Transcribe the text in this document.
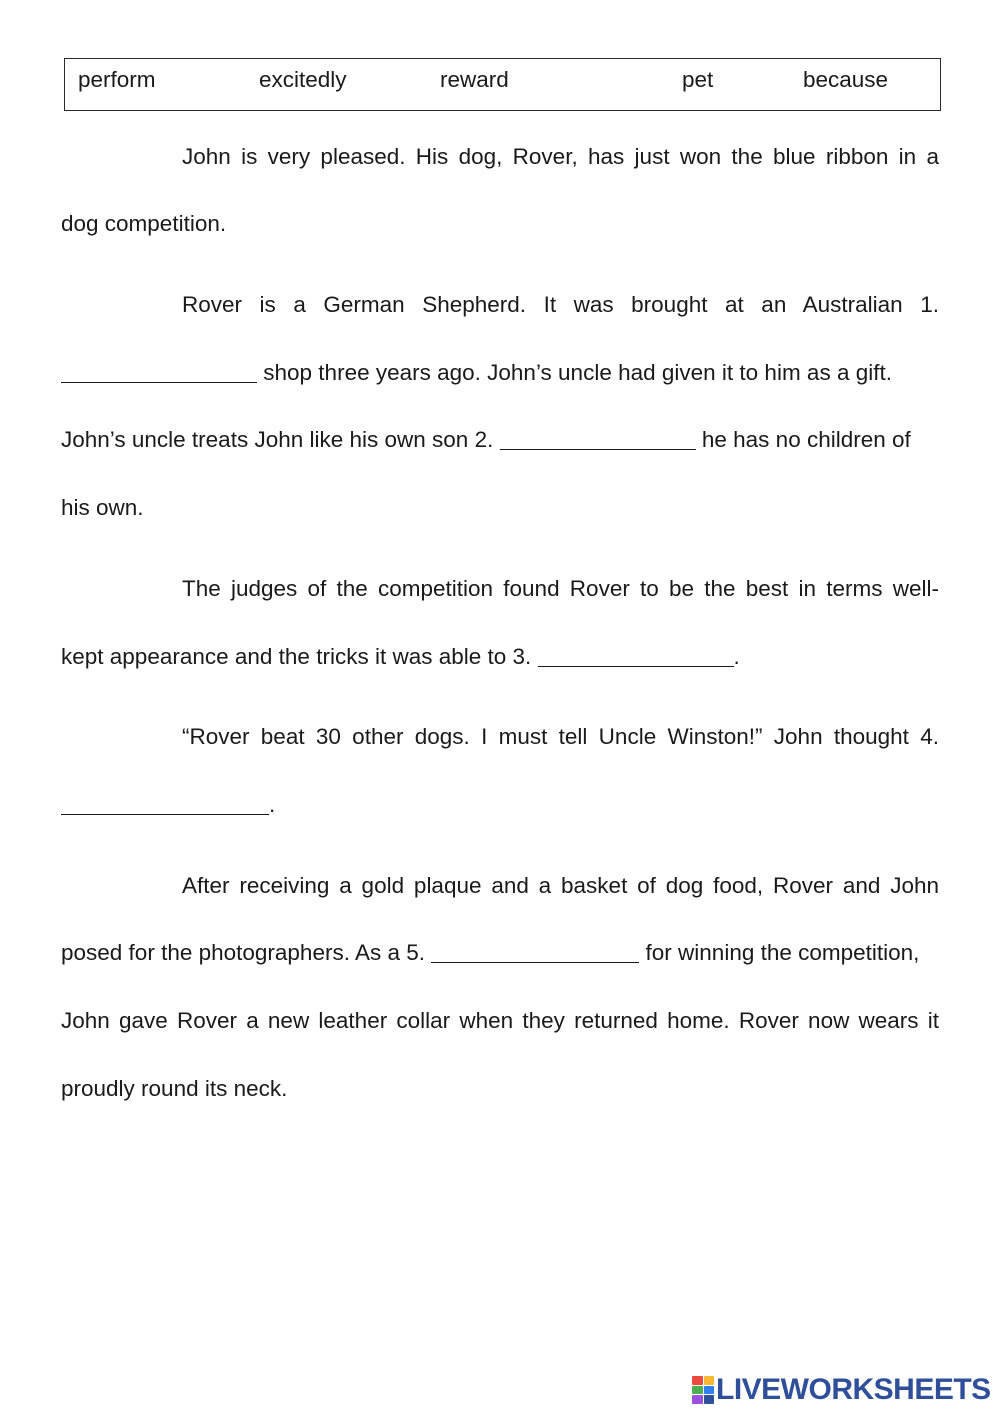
perform	excitedly	reward	pet	because
John is very pleased. His dog, Rover, has just won the blue ribbon in a
dog competition.
Rover is a German Shepherd. It was brought at an Australian 1.
shop three years ago. John’s uncle had given it to him as a gift.
John’s uncle treats John like his own son 2.	he has no children of
his own.
The judges of the competition found Rover to be the best in terms well-
kept appearance and the tricks it was able to 3.	.
“Rover beat 30 other dogs. I must tell Uncle Winston!” John thought 4.
.
After receiving a gold plaque and a basket of dog food, Rover and John
posed for the photographers. As a 5.	for winning the competition,
John gave Rover a new leather collar when they returned home. Rover now wears it
proudly round its neck.
LIVEWORKSHEETS
